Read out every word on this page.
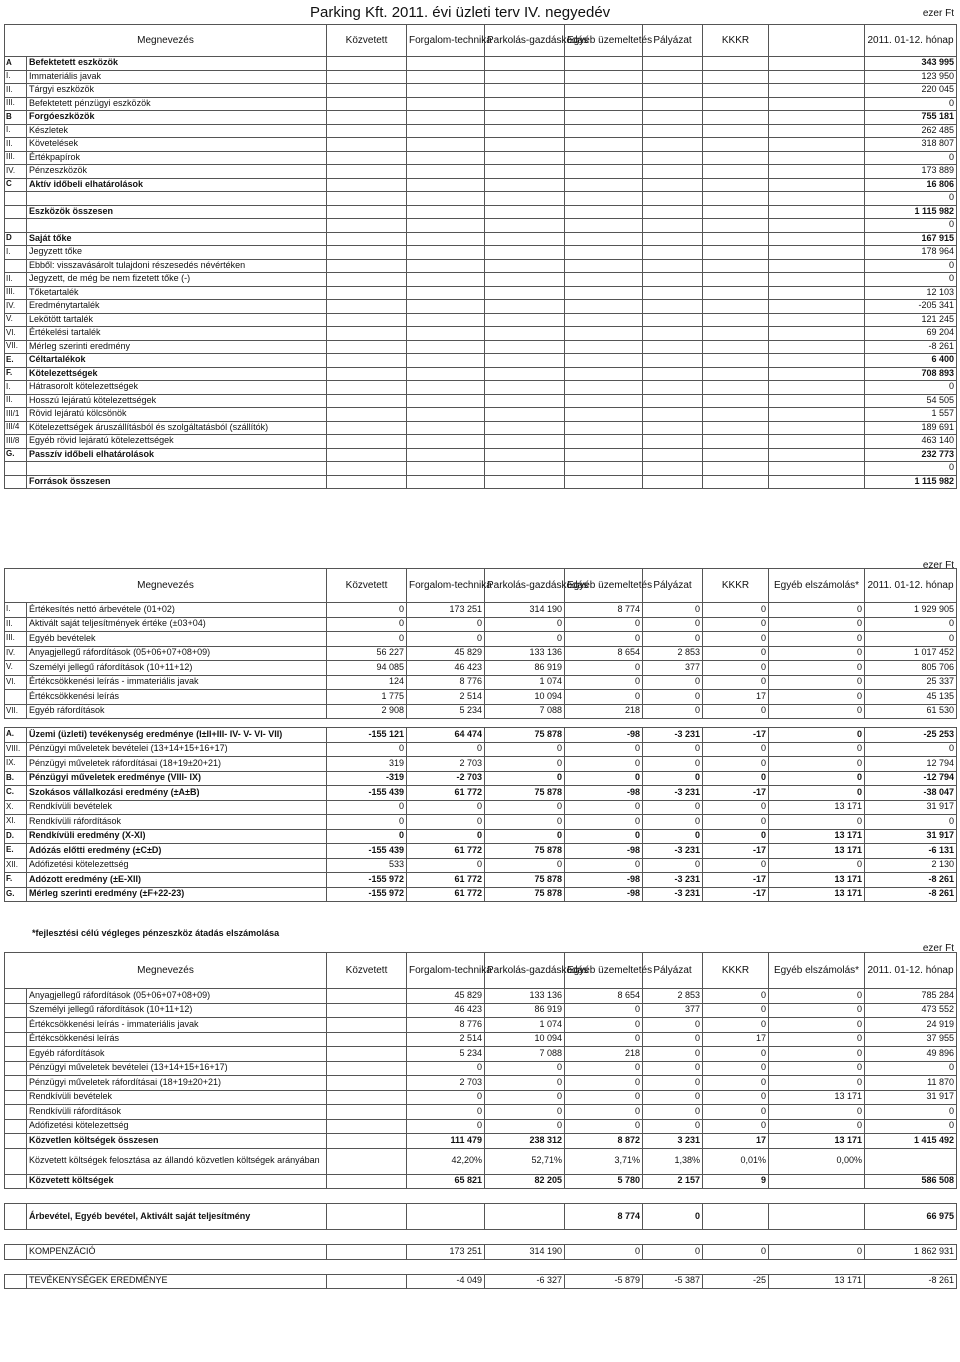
Parking Kft. 2011. évi üzleti terv IV. negyedév	ezer Ft
ezer Ft
ezer Ft
Megnevezés		Közvetett	Forgalom-technika	Parkolás-gazdáskodás	Egyéb üzemeltetés	Pályázat	KKKR		2011. 01-12. hónap
A	Befektetett eszközök								343 995
I.	Immateriális javak								123 950
II.	Tárgyi eszközök								220 045
III.	Befektetett pénzügyi eszközök								0
B	Forgóeszközök								755 181
I.	Készletek								262 485
II.	Követelések								318 807
III.	Értékpapírok								0
IV.	Pénzeszközök								173 889
C	Aktív időbeli elhatárolások								16 806
									0
	Eszközök összesen								1 115 982
									0
D	Saját tőke								167 915
I.	Jegyzett tőke								178 964
	Ebből: visszavásárolt tulajdoni részesedés névértéken								0
II.	Jegyzett, de még be nem fizetett tőke (-)								0
III.	Tőketartalék								12 103
IV.	Eredménytartalék								-205 341
V.	Lekötött tartalék								121 245
VI.	Értékelési tartalék								69 204
VII.	Mérleg szerinti eredmény								-8 261
E.	Céltartalékok								6 400
F.	Kötelezettségek								708 893
I.	Hátrasorolt kötelezettségek								0
II.	Hosszú lejáratú kötelezettségek								54 505
III/1	Rövid lejáratú kölcsönök								1 557
III/4	Kötelezettségek áruszállításból és szolgáltatásból (szállítók)								189 691
III/8	Egyéb rövid lejáratú kötelezettségek								463 140
G.	Passzív időbeli elhatárolások								232 773
									0
	Források összesen								1 115 982
Megnevezés		Közvetett	Forgalom-technika	Parkolás-gazdáskodás	Egyéb üzemeltetés	Pályázat	KKKR	Egyéb elszámolás*	2011. 01-12. hónap
I.	Értékesítés nettó árbevétele (01+02)	0	173 251	314 190	8 774	0	0	0	1 929 905
II.	Aktivált saját teljesítmények értéke (±03+04)	0	0	0	0	0	0	0	0
III.	Egyéb bevételek	0	0	0	0	0	0	0	0
IV.	Anyagjellegű ráfordítások (05+06+07+08+09)	56 227	45 829	133 136	8 654	2 853	0	0	1 017 452
V.	Személyi jellegű ráfordítások (10+11+12)	94 085	46 423	86 919	0	377	0	0	805 706
VI.	Értékcsökkenési leírás - immateriális javak	124	8 776	1 074	0	0	0	0	25 337
	Értékcsökkenési leírás	1 775	2 514	10 094	0	0	17	0	45 135
VII.	Egyéb ráfordítások	2 908	5 234	7 088	218	0	0	0	61 530

A.	Üzemi (üzleti) tevékenység eredménye (I±II+III- IV- V- VI- VII)	-155 121	64 474	75 878	-98	-3 231	-17	0	-25 253
VIII.	Pénzügyi műveletek bevételei (13+14+15+16+17)	0	0	0	0	0	0	0	0
IX.	Pénzügyi műveletek ráfordításai (18+19±20+21)	319	2 703	0	0	0	0	0	12 794
B.	Pénzügyi műveletek eredménye (VIII- IX)	-319	-2 703	0	0	0	0	0	-12 794
C.	Szokásos vállalkozási eredmény (±A±B)	-155 439	61 772	75 878	-98	-3 231	-17	0	-38 047
X.	Rendkívüli bevételek	0	0	0	0	0	0	13 171	31 917
XI.	Rendkívüli ráfordítások	0	0	0	0	0	0	0	0
D.	Rendkívüli eredmény (X-XI)	0	0	0	0	0	0	13 171	31 917
E.	Adózás előtti eredmény (±C±D)	-155 439	61 772	75 878	-98	-3 231	-17	13 171	-6 131
XII.	Adófizetési kötelezettség	533	0	0	0	0	0	0	2 130
F.	Adózott eredmény (±E-XII)	-155 972	61 772	75 878	-98	-3 231	-17	13 171	-8 261
G.	Mérleg szerinti eredmény (±F+22-23)	-155 972	61 772	75 878	-98	-3 231	-17	13 171	-8 261
*fejlesztési célú végleges pénzeszköz átadás elszámolása
Megnevezés		Közvetett	Forgalom-technika	Parkolás-gazdáskodás	Egyéb üzemeltetés	Pályázat	KKKR	Egyéb elszámolás*	2011. 01-12. hónap
	Anyagjellegű ráfordítások (05+06+07+08+09)		45 829	133 136	8 654	2 853	0	0	785 284
	Személyi jellegű ráfordítások (10+11+12)		46 423	86 919	0	377	0	0	473 552
	Értékcsökkenési leírás - immateriális javak		8 776	1 074	0	0	0	0	24 919
	Értékcsökkenési leírás		2 514	10 094	0	0	17	0	37 955
	Egyéb ráfordítások		5 234	7 088	218	0	0	0	49 896
	Pénzügyi műveletek bevételei (13+14+15+16+17)		0	0	0	0	0	0	0
	Pénzügyi műveletek ráfordításai (18+19±20+21)		2 703	0	0	0	0	0	11 870
	Rendkívüli bevételek		0	0	0	0	0	13 171	31 917
	Rendkívüli ráfordítások		0	0	0	0	0	0	0
	Adófizetési kötelezettség		0	0	0	0	0	0	0
	Közvetlen költségek összesen		111 479	238 312	8 872	3 231	17	13 171	1 415 492
	Közvetett költségek felosztása az állandó közvetlen költségek arányában		42,20%	52,71%	3,71%	1,38%	0,01%	0,00%	
	Közvetett költségek		65 821	82 205	5 780	2 157	9		586 508

	Árbevétel, Egyéb bevétel, Aktivált saját teljesítmény				8 774	0			66 975

	KOMPENZÁCIÓ		173 251	314 190	0	0	0	0	1 862 931

	TEVÉKENYSÉGEK EREDMÉNYE		-4 049	-6 327	-5 879	-5 387	-25	13 171	-8 261
